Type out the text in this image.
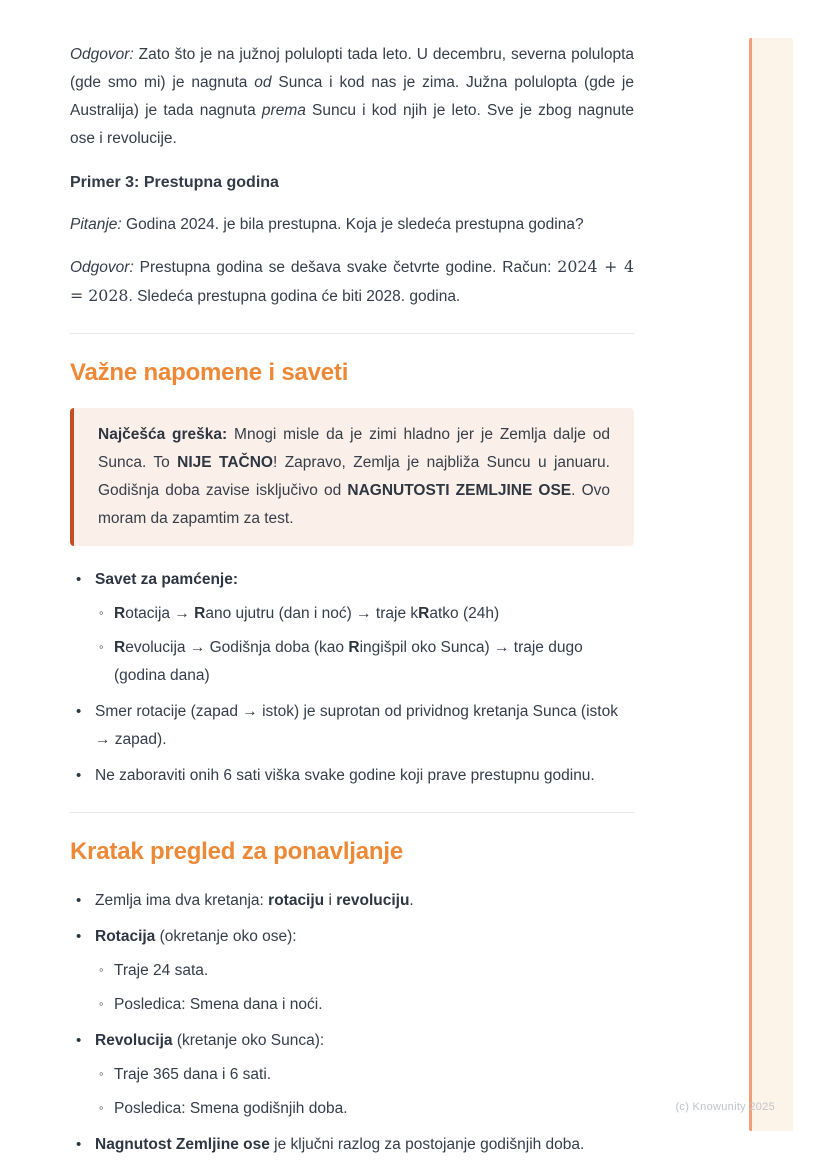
Odgovor: Zato što je na južnoj polulopti tada leto. U decembru, severna polulopta (gde smo mi) je nagnuta od Sunca i kod nas je zima. Južna polulopta (gde je Australija) je tada nagnuta prema Suncu i kod njih je leto. Sve je zbog nagnute ose i revolucije.

Primer 3: Prestupna godina

Pitanje: Godina 2024. je bila prestupna. Koja je sledeća prestupna godina?

Odgovor: Prestupna godina se dešava svake četvrte godine. Račun: 2024 + 4 = 2028. Sledeća prestupna godina će biti 2028. godina.

Važne napomene i saveti
Najčešća greška: Mnogi misle da je zimi hladno jer je Zemlja dalje od Sunca. To NIJE TAČNO! Zapravo, Zemlja je najbliža Suncu u januaru. Godišnja doba zavise isključivo od NAGNUTOSTI ZEMLJINE OSE. Ovo moram da zapamtim za test.
• Savet za pamćenje:
◦ Rotacija → Rano ujutru (dan i noć) → traje kRatko (24h)
◦ Revolucija → Godišnja doba (kao Ringišpil oko Sunca) → traje dugo (godina dana)
• Smer rotacije (zapad → istok) je suprotan od prividnog kretanja Sunca (istok → zapad).
• Ne zaboraviti onih 6 sati viška svake godine koji prave prestupnu godinu.
Kratak pregled za ponavljanje
• Zemlja ima dva kretanja: rotaciju i revoluciju.
• Rotacija (okretanje oko ose):
◦ Traje 24 sata.
◦ Posledica: Smena dana i noći.
• Revolucija (kretanje oko Sunca):
◦ Traje 365 dana i 6 sati.
◦ Posledica: Smena godišnjih doba.
• Nagnutost Zemljine ose je ključni razlog za postojanje godišnjih doba.
(c) Knowunity 2025
